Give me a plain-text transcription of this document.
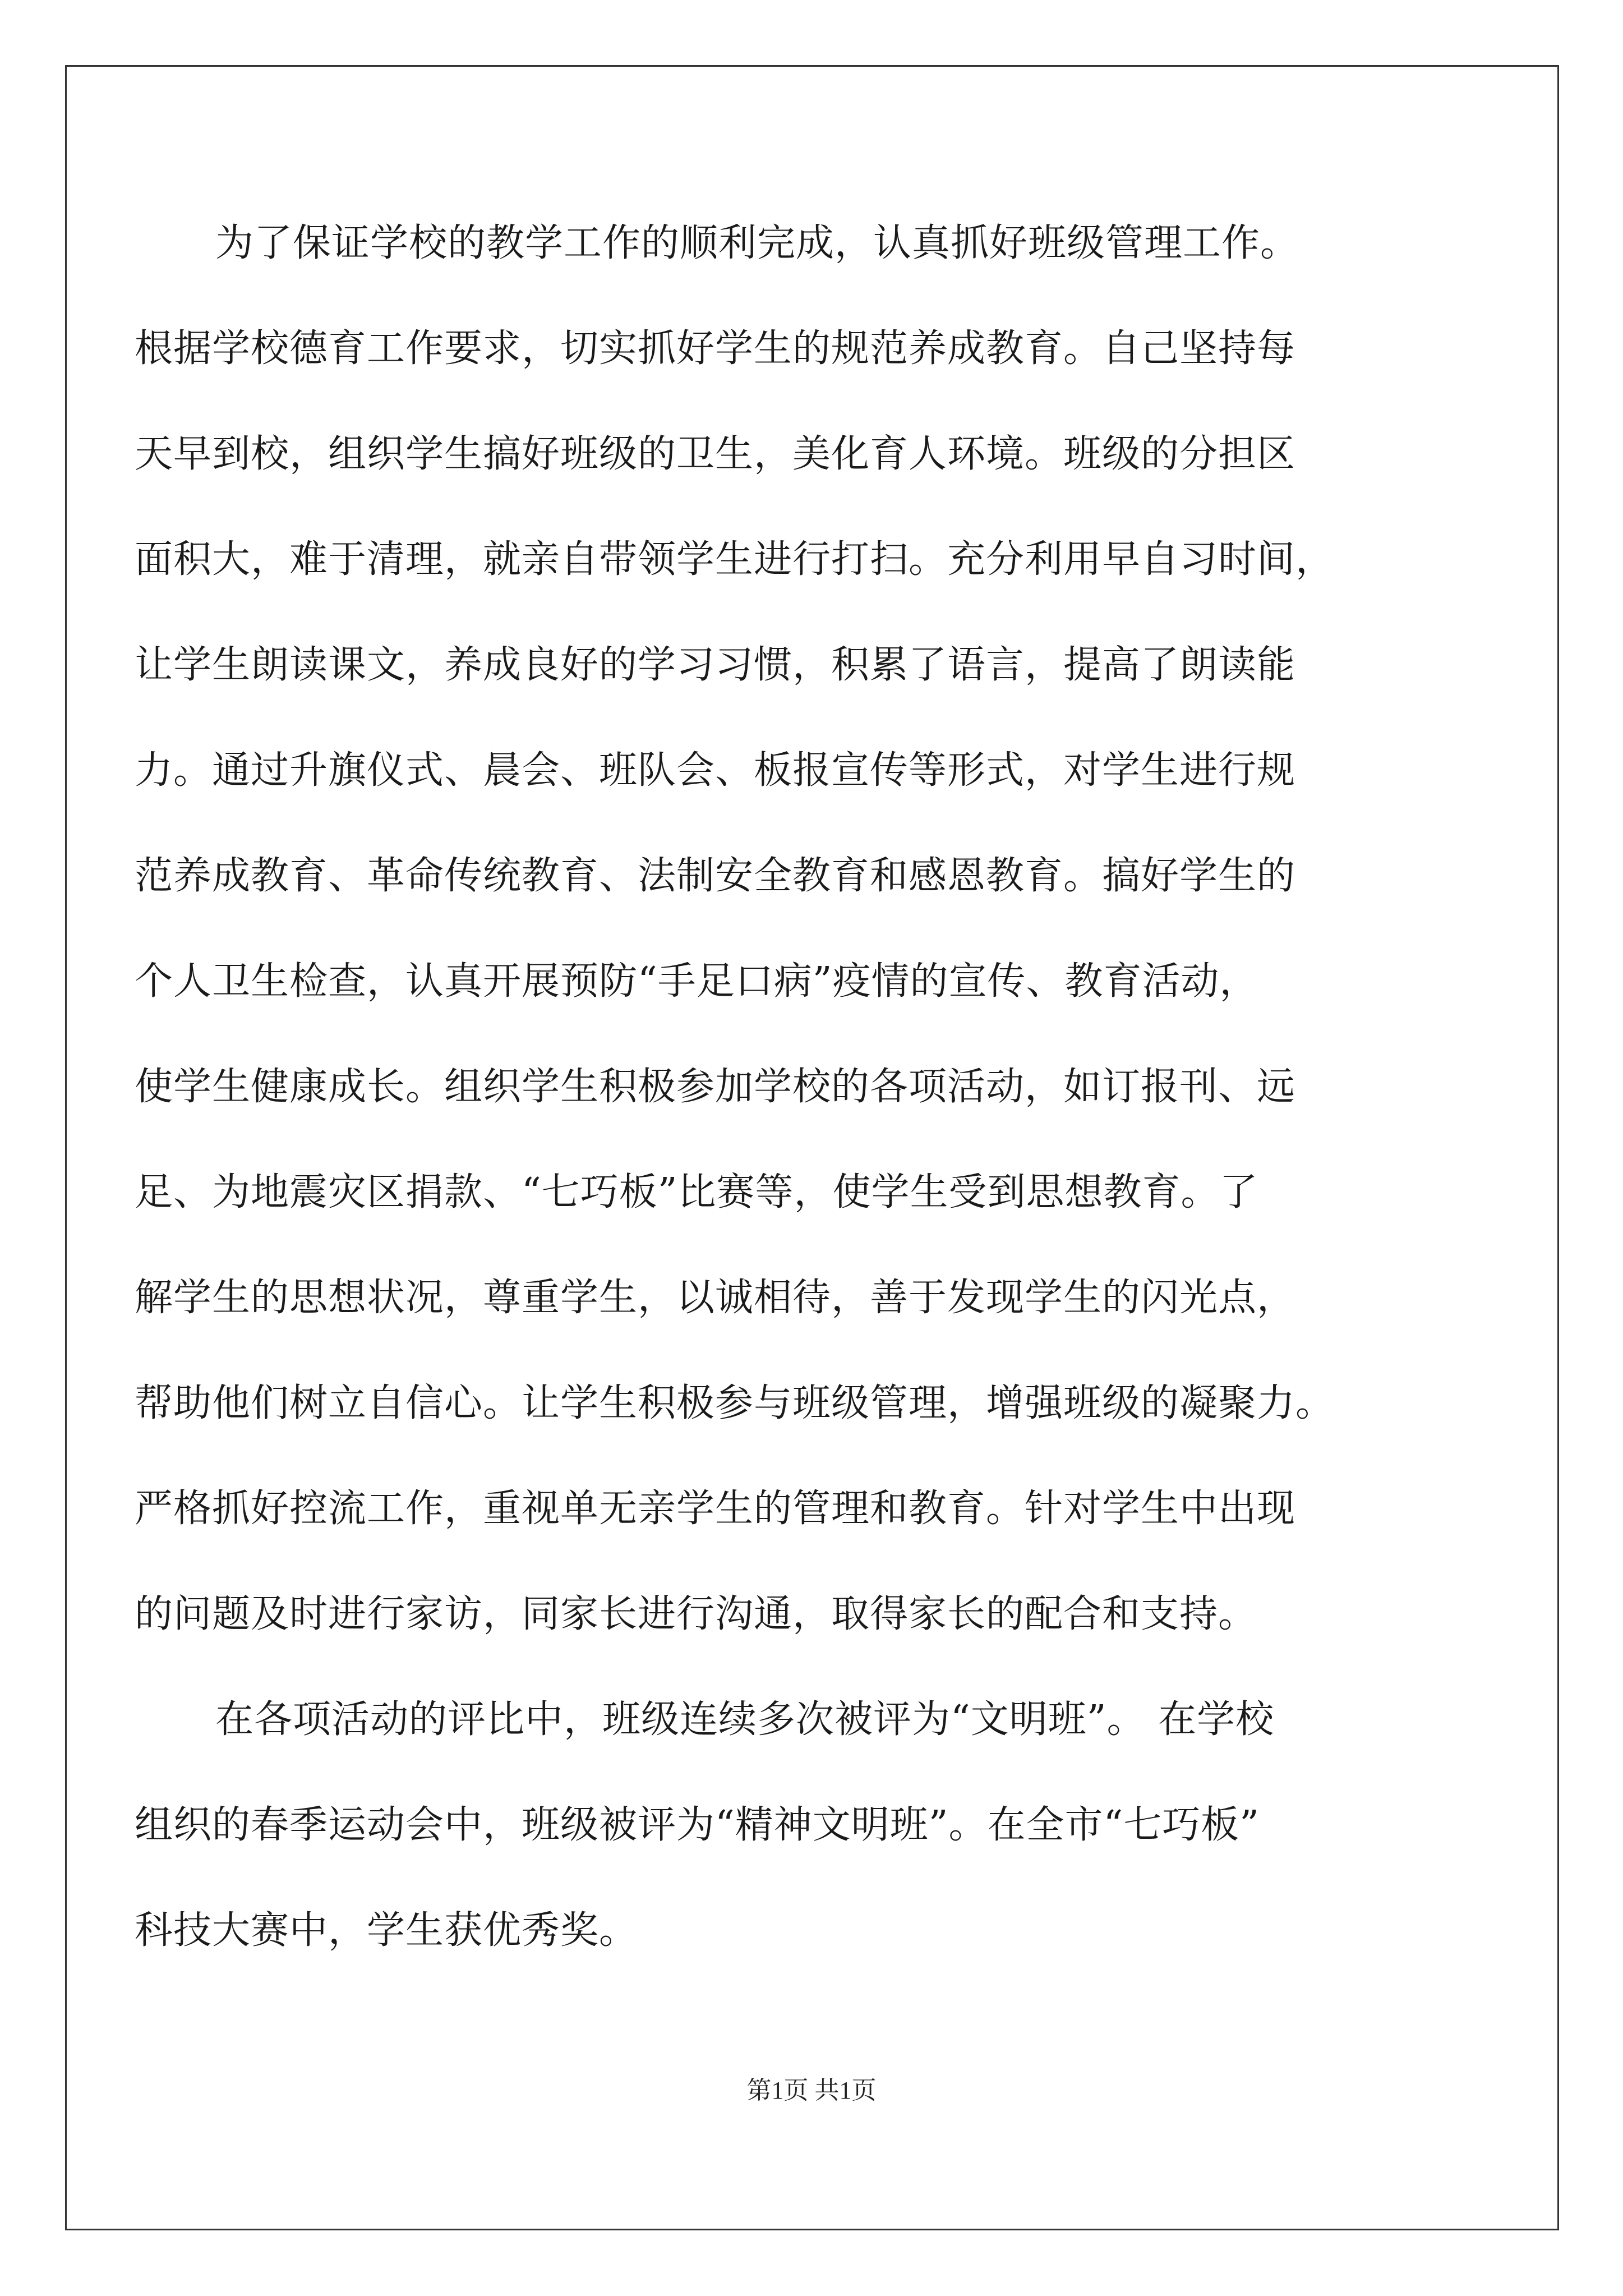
为了保证学校的教学工作的顺利完成，认真抓好班级管理工作。
根据学校德育工作要求，切实抓好学生的规范养成教育。自己坚持每
天早到校，组织学生搞好班级的卫生，美化育人环境。班级的分担区
面积大，难于清理，就亲自带领学生进行打扫。充分利用早自习时间，
让学生朗读课文，养成良好的学习习惯，积累了语言，提高了朗读能
力。通过升旗仪式、晨会、班队会、板报宣传等形式，对学生进行规
范养成教育、革命传统教育、法制安全教育和感恩教育。搞好学生的
个人卫生检查，认真开展预防“手足口病”疫情的宣传、教育活动，
使学生健康成长。组织学生积极参加学校的各项活动，如订报刊、远
足、为地震灾区捐款、“七巧板”比赛等，使学生受到思想教育。了
解学生的思想状况，尊重学生，以诚相待，善于发现学生的闪光点，
帮助他们树立自信心。让学生积极参与班级管理，增强班级的凝聚力。
严格抓好控流工作，重视单无亲学生的管理和教育。针对学生中出现
的问题及时进行家访，同家长进行沟通，取得家长的配合和支持。
在各项活动的评比中，班级连续多次被评为“文明班”。 在学校
组织的春季运动会中，班级被评为“精神文明班”。在全市“七巧板”
科技大赛中，学生获优秀奖。
第1页 共1页
